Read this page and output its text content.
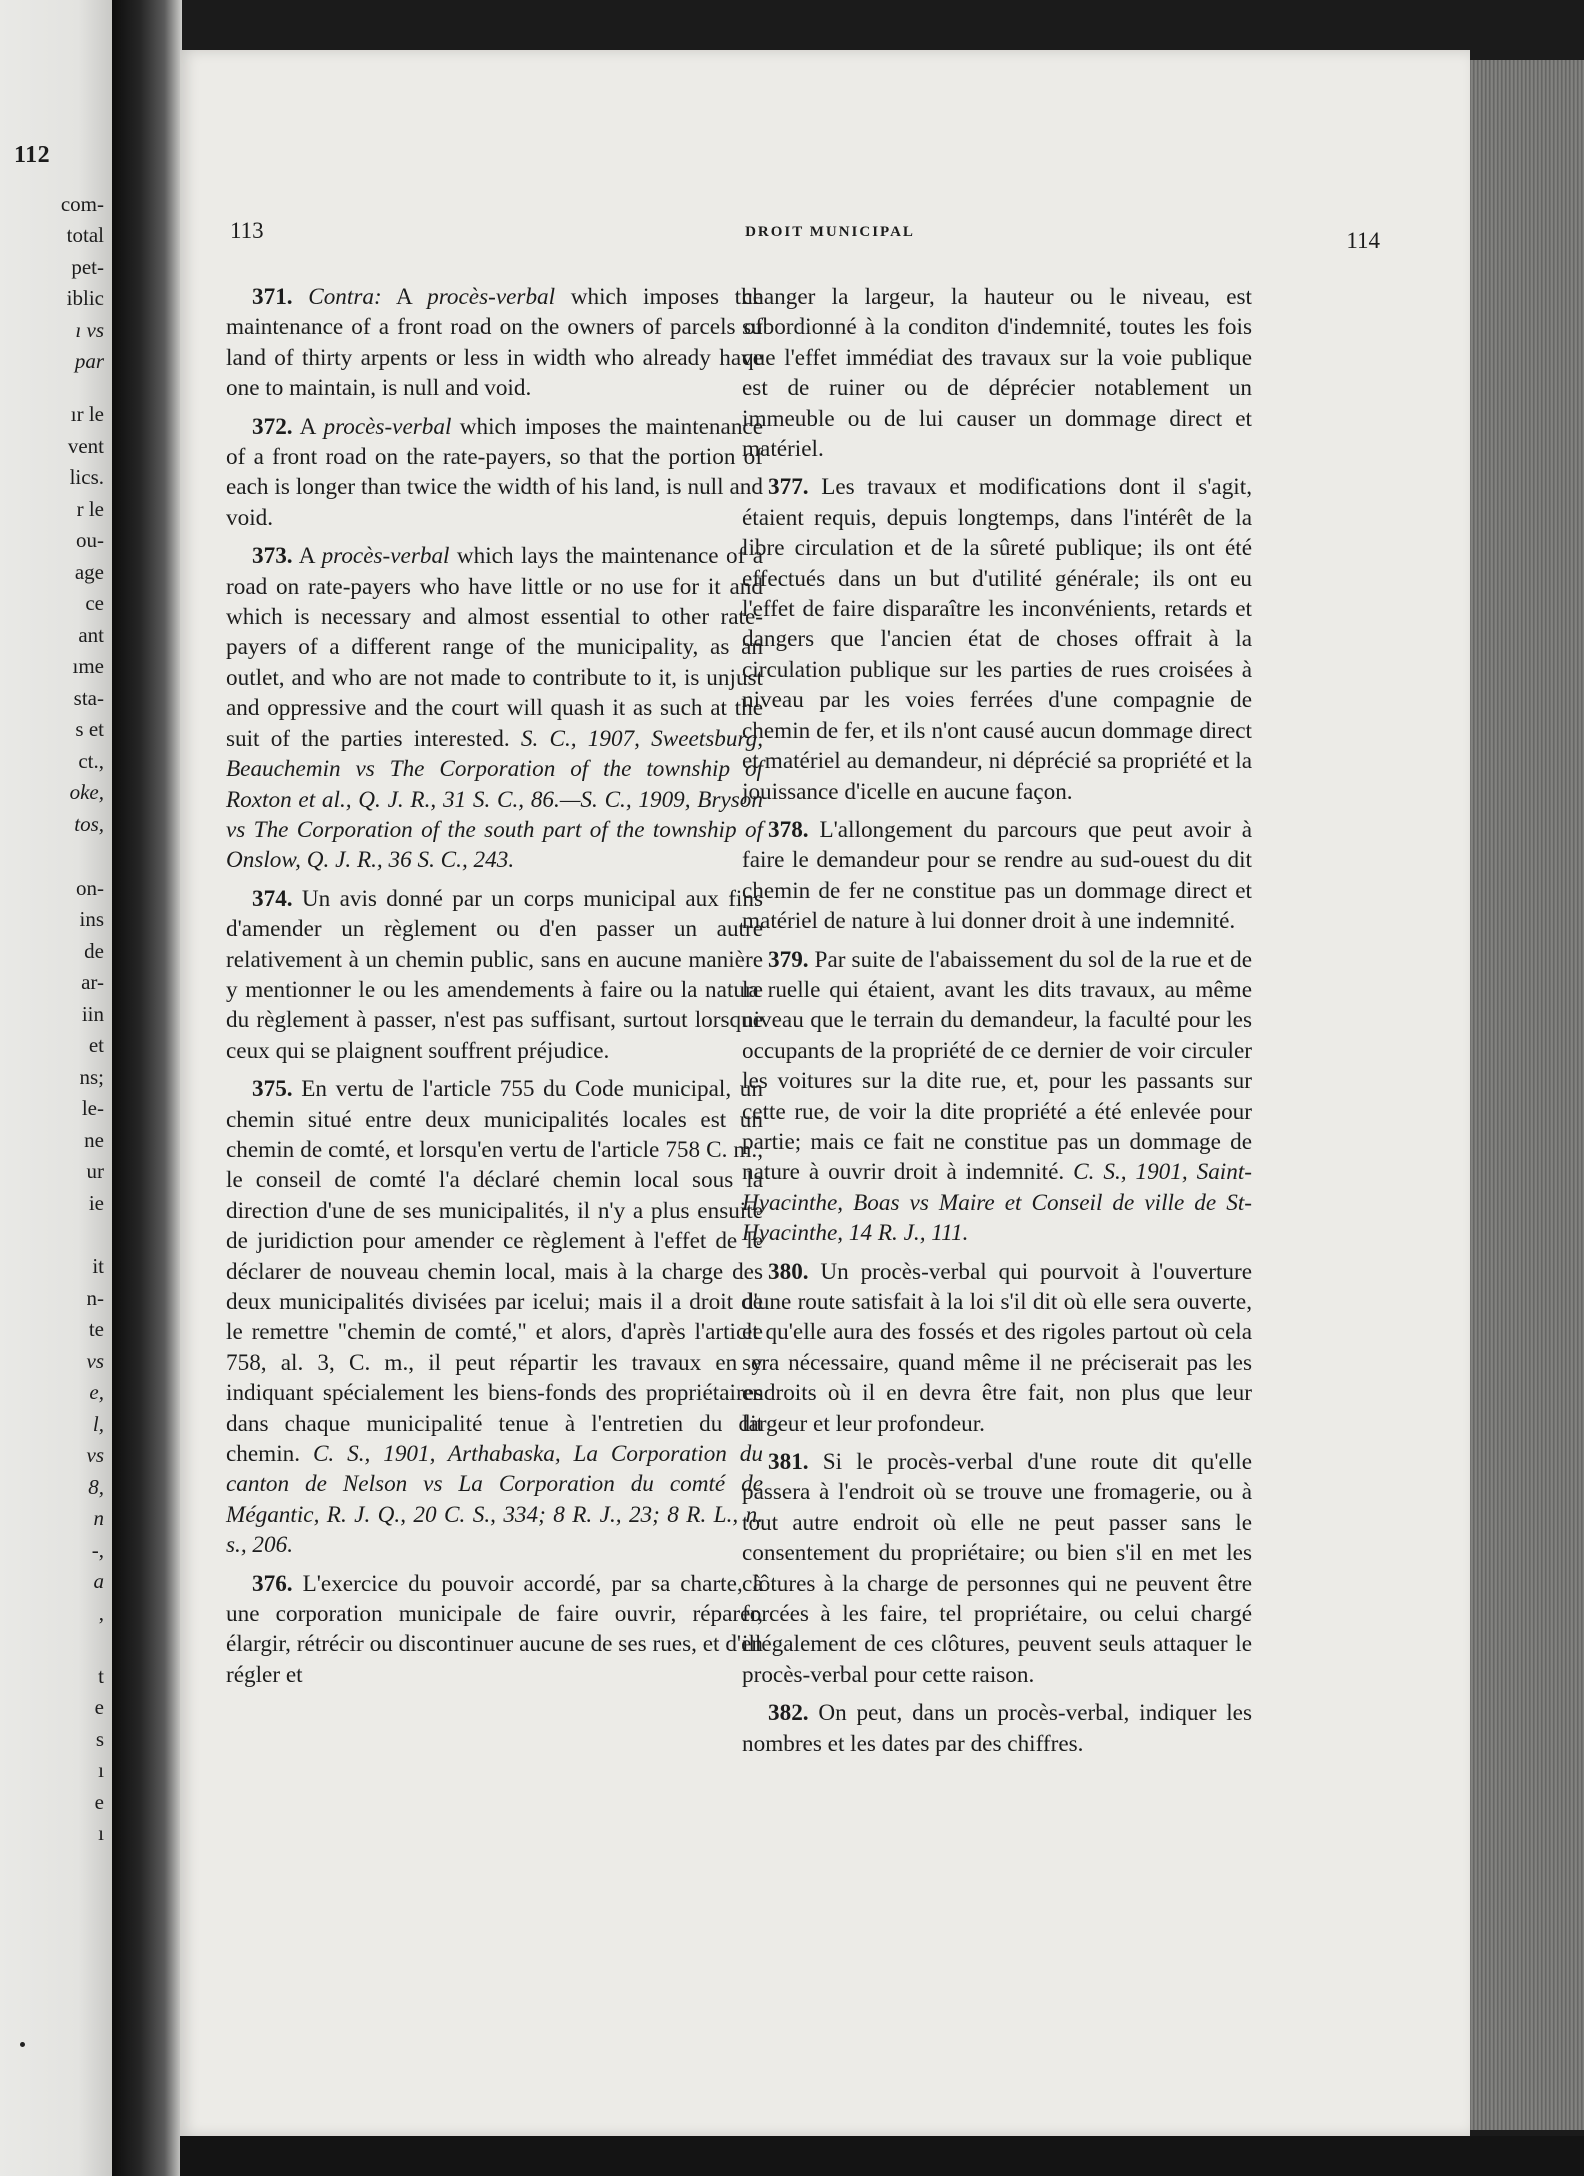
112
com-
total
pet-
iblic
ı vs
par
ır le
vent
lics.
r le
ou-
age
ce
ant
ıme
sta-
s et
ct.,
oke,
tos,
on-
ins
de
ar-
iin
et
ns;
le-
ne
ur
ie
it
n-
te
vs
e,
l,
vs
8,
n
-,
a
,
t
e
s
ı
e
ı
113	DROIT MUNICIPAL	114

371. Contra: A procès-verbal which imposes the maintenance of a front road on the owners of parcels of land of thirty arpents or less in width who already have one to maintain, is null and void.

372. A procès-verbal which imposes the maintenance of a front road on the rate-payers, so that the portion of each is longer than twice the width of his land, is null and void.

373. A procès-verbal which lays the maintenance of a road on rate-payers who have little or no use for it and which is necessary and almost essential to other rate-payers of a different range of the municipality, as an outlet, and who are not made to contribute to it, is unjust and oppressive and the court will quash it as such at the suit of the parties interested. S. C., 1907, Sweetsburg, Beauchemin vs The Corporation of the township of Roxton et al., Q. J. R., 31 S. C., 86.—S. C., 1909, Bryson vs The Corporation of the south part of the township of Onslow, Q. J. R., 36 S. C., 243.

374. Un avis donné par un corps municipal aux fins d'amender un règlement ou d'en passer un autre relativement à un chemin public, sans en aucune manière y mentionner le ou les amendements à faire ou la nature du règlement à passer, n'est pas suffisant, surtout lorsque ceux qui se plaignent souffrent préjudice.

375. En vertu de l'article 755 du Code municipal, un chemin situé entre deux municipalités locales est un chemin de comté, et lorsqu'en vertu de l'article 758 C. m., le conseil de comté l'a déclaré chemin local sous la direction d'une de ses municipalités, il n'y a plus ensuite de juridiction pour amender ce règlement à l'effet de le déclarer de nouveau chemin local, mais à la charge des deux municipalités divisées par icelui; mais il a droit de le remettre "chemin de comté," et alors, d'après l'article 758, al. 3, C. m., il peut répartir les travaux en y indiquant spécialement les biens-fonds des propriétaires dans chaque municipalité tenue à l'entretien du dit chemin. C. S., 1901, Arthabaska, La Corporation du canton de Nelson vs La Corporation du comté de Mégantic, R. J. Q., 20 C. S., 334; 8 R. J., 23; 8 R. L., n. s., 206.

376. L'exercice du pouvoir accordé, par sa charte, à une corporation municipale de faire ouvrir, réparer, élargir, rétrécir ou discontinuer aucune de ses rues, et d'en régler et

changer la largeur, la hauteur ou le niveau, est subordionné à la conditon d'indemnité, toutes les fois que l'effet immédiat des travaux sur la voie publique est de ruiner ou de déprécier notablement un immeuble ou de lui causer un dommage direct et matériel.

377. Les travaux et modifications dont il s'agit, étaient requis, depuis longtemps, dans l'intérêt de la libre circulation et de la sûreté publique; ils ont été effectués dans un but d'utilité générale; ils ont eu l'effet de faire disparaître les inconvénients, retards et dangers que l'ancien état de choses offrait à la circulation publique sur les parties de rues croisées à niveau par les voies ferrées d'une compagnie de chemin de fer, et ils n'ont causé aucun dommage direct et matériel au demandeur, ni déprécié sa propriété et la jouissance d'icelle en aucune façon.

378. L'allongement du parcours que peut avoir à faire le demandeur pour se rendre au sud-ouest du dit chemin de fer ne constitue pas un dommage direct et matériel de nature à lui donner droit à une indemnité.

379. Par suite de l'abaissement du sol de la rue et de la ruelle qui étaient, avant les dits travaux, au même niveau que le terrain du demandeur, la faculté pour les occupants de la propriété de ce dernier de voir circuler les voitures sur la dite rue, et, pour les passants sur cette rue, de voir la dite propriété a été enlevée pour partie; mais ce fait ne constitue pas un dommage de nature à ouvrir droit à indemnité. C. S., 1901, Saint-Hyacinthe, Boas vs Maire et Conseil de ville de St-Hyacinthe, 14 R. J., 111.

380. Un procès-verbal qui pourvoit à l'ouverture d'une route satisfait à la loi s'il dit où elle sera ouverte, et qu'elle aura des fossés et des rigoles partout où cela sera nécessaire, quand même il ne préciserait pas les endroits où il en devra être fait, non plus que leur largeur et leur profondeur.

381. Si le procès-verbal d'une route dit qu'elle passera à l'endroit où se trouve une fromagerie, ou à tout autre endroit où elle ne peut passer sans le consentement du propriétaire; ou bien s'il en met les clôtures à la charge de personnes qui ne peuvent être forcées à les faire, tel propriétaire, ou celui chargé illégalement de ces clôtures, peuvent seuls attaquer le procès-verbal pour cette raison.

382. On peut, dans un procès-verbal, indiquer les nombres et les dates par des chiffres.
